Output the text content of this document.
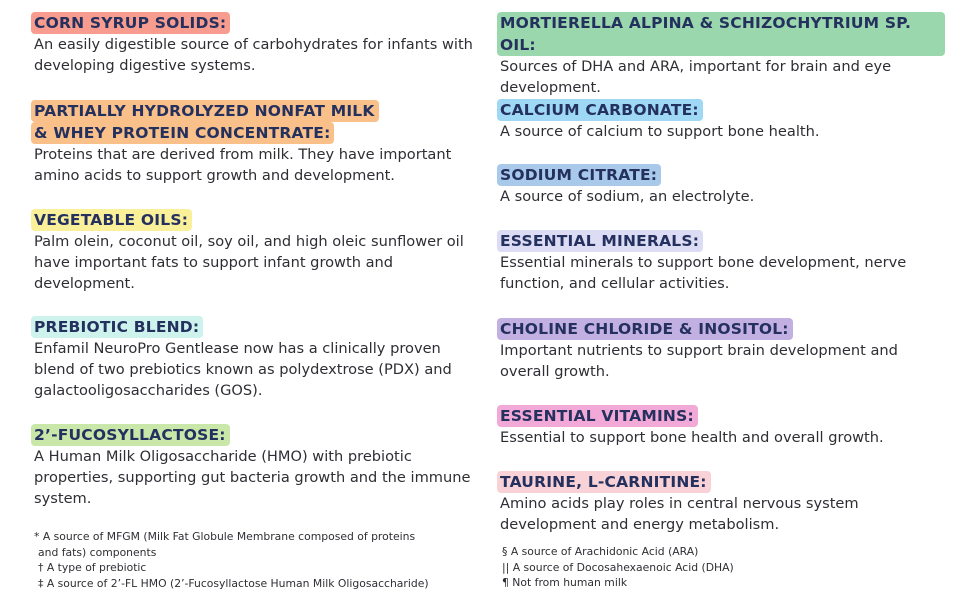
CORN SYRUP SOLIDS:
An easily digestible source of carbohydrates for infants with developing digestive systems.
PARTIALLY HYDROLYZED NONFAT MILK
& WHEY PROTEIN CONCENTRATE:
Proteins that are derived from milk. They have important amino acids to support growth and development.
VEGETABLE OILS:
Palm olein, coconut oil, soy oil, and high oleic sunflower oil have important fats to support infant growth and development.
PREBIOTIC BLEND:
Enfamil NeuroPro Gentlease now has a clinically proven blend of two prebiotics known as polydextrose (PDX) and galactooligosaccharides (GOS).
2’-FUCOSYLLACTOSE:
A Human Milk Oligosaccharide (HMO) with prebiotic properties, supporting gut bacteria growth and the immune system.
* A source of MFGM (Milk Fat Globule Membrane composed of proteins
and fats) components
† A type of prebiotic
‡ A source of 2’-FL HMO (2’-Fucosyllactose Human Milk Oligosaccharide)
MORTIERELLA ALPINA & SCHIZOCHYTRIUM SP. OIL:
Sources of DHA and ARA, important for brain and eye development.
CALCIUM CARBONATE:
A source of calcium to support bone health.
SODIUM CITRATE:
A source of sodium, an electrolyte.
ESSENTIAL MINERALS:
Essential minerals to support bone development, nerve function, and cellular activities.
CHOLINE CHLORIDE & INOSITOL:
Important nutrients to support brain development and overall growth.
ESSENTIAL VITAMINS:
Essential to support bone health and overall growth.
TAURINE, L-CARNITINE:
Amino acids play roles in central nervous system development and energy metabolism.
§ A source of Arachidonic Acid (ARA)
|| A source of Docosahexaenoic Acid (DHA)
¶ Not from human milk
